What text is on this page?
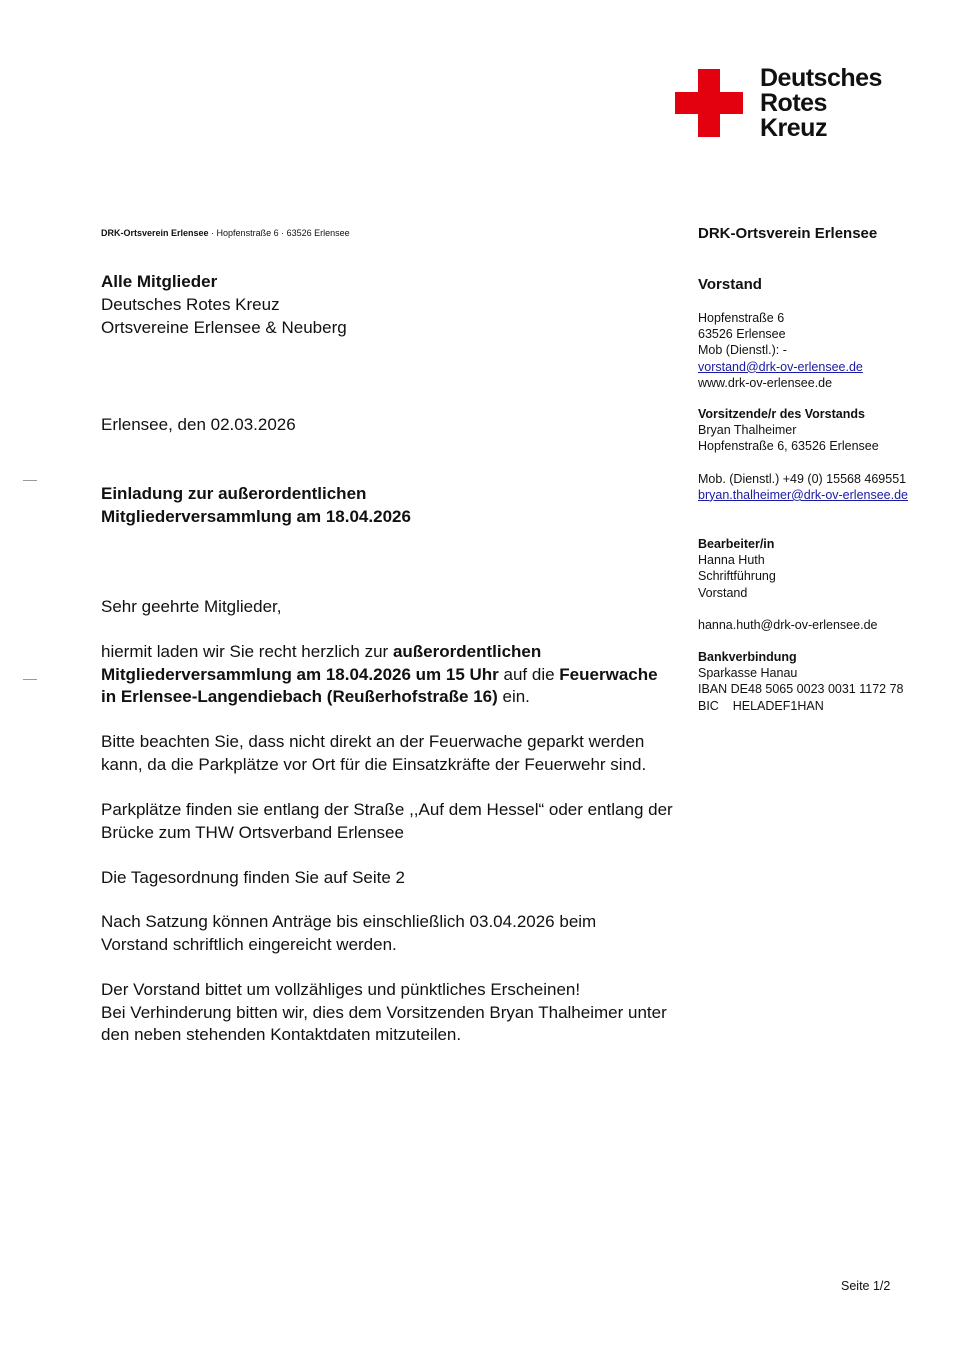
Deutsches
Rotes
Kreuz
DRK-Ortsverein Erlensee · Hopfenstraße 6 · 63526 Erlensee
Alle Mitglieder
Deutsches Rotes Kreuz
Ortsvereine Erlensee & Neuberg
Erlensee, den 02.03.2026
Einladung zur außerordentlichen
Mitgliederversammlung am 18.04.2026
Sehr geehrte Mitglieder,
hiermit laden wir Sie recht herzlich zur außerordentlichen Mitgliederversammlung am 18.04.2026 um 15 Uhr auf die Feuerwache in Erlensee-Langendiebach (Reußerhofstraße 16) ein.
Bitte beachten Sie, dass nicht direkt an der Feuerwache geparkt werden kann, da die Parkplätze vor Ort für die Einsatzkräfte der Feuerwehr sind.
Parkplätze finden sie entlang der Straße ,,Auf dem Hessel“ oder entlang der Brücke zum THW Ortsverband Erlensee
Die Tagesordnung finden Sie auf Seite 2
Nach Satzung können Anträge bis einschließlich 03.04.2026 beim Vorstand schriftlich eingereicht werden.
Der Vorstand bittet um vollzähliges und pünktliches Erscheinen!
Bei Verhinderung bitten wir, dies dem Vorsitzenden Bryan Thalheimer unter den neben stehenden Kontaktdaten mitzuteilen.
DRK-Ortsverein Erlensee
Vorstand
Hopfenstraße 6
63526 Erlensee
Mob (Dienstl.): -
vorstand@drk-ov-erlensee.de
www.drk-ov-erlensee.de
Vorsitzende/r des Vorstands
Bryan Thalheimer
Hopfenstraße 6, 63526 Erlensee
Mob. (Dienstl.) +49 (0) 15568 469551
bryan.thalheimer@drk-ov-erlensee.de
Bearbeiter/in
Hanna Huth
Schriftführung
Vorstand
hanna.huth@drk-ov-erlensee.de
Bankverbindung
Sparkasse Hanau
IBAN DE48 5065 0023 0031 1172 78
BIC    HELADEF1HAN
Seite 1/2
